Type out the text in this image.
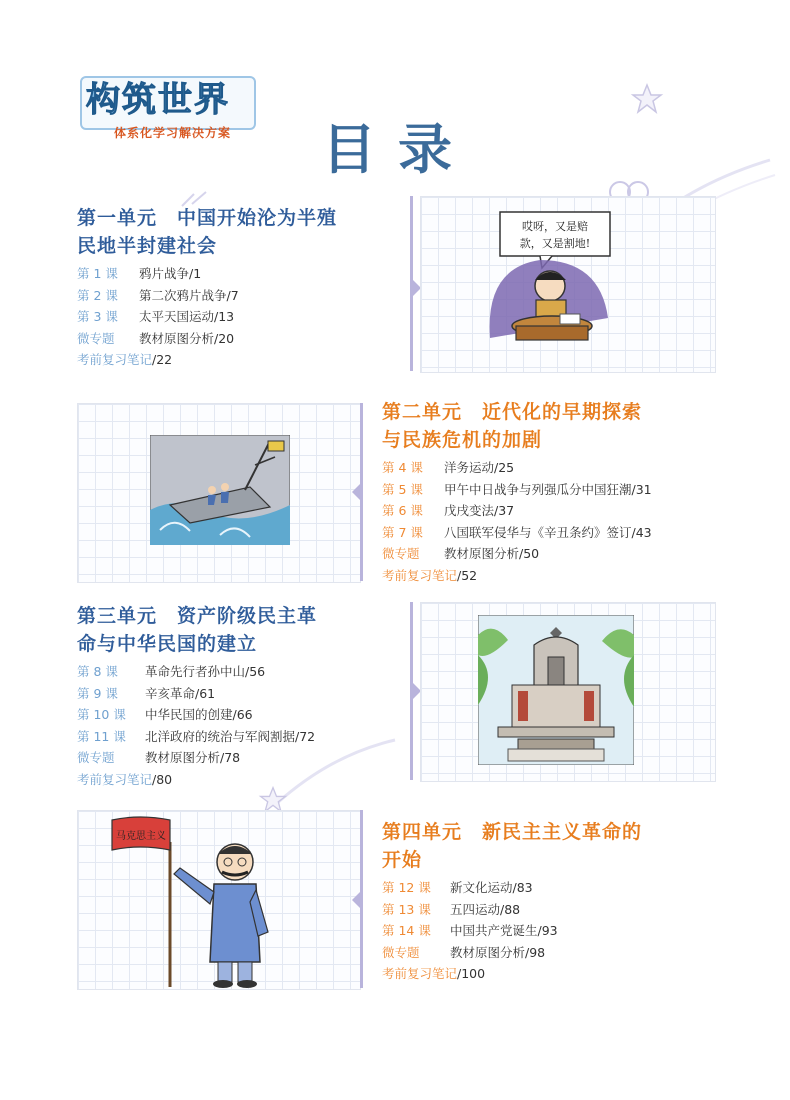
构筑世界
体系化学习解决方案 目录
第一单元　中国开始沦为半殖
民地半封建社会
第 1 课 鸦片战争/1
第 2 课 第二次鸦片战争/7
第 3 课 太平天国运动/13
微专题 教材原图分析/20
考前复习笔记/22
哎呀，又是赔
款，又是割地!
第二单元　近代化的早期探索
与民族危机的加剧
第 4 课 洋务运动/25
第 5 课 甲午中日战争与列强瓜分中国狂潮/31
第 6 课 戊戌变法/37
第 7 课 八国联军侵华与《辛丑条约》签订/43
微专题 教材原图分析/50
考前复习笔记/52
第三单元　资产阶级民主革
命与中华民国的建立
第 8 课 革命先行者孙中山/56
第 9 课 辛亥革命/61
第 10 课 中华民国的创建/66
第 11 课 北洋政府的统治与军阀割据/72
微专题 教材原图分析/78
考前复习笔记/80
马克思主义	第四单元　新民主主义革命的
开始
第 12 课 新文化运动/83
第 13 课 五四运动/88
第 14 课 中国共产党诞生/93
微专题 教材原图分析/98
考前复习笔记/100
